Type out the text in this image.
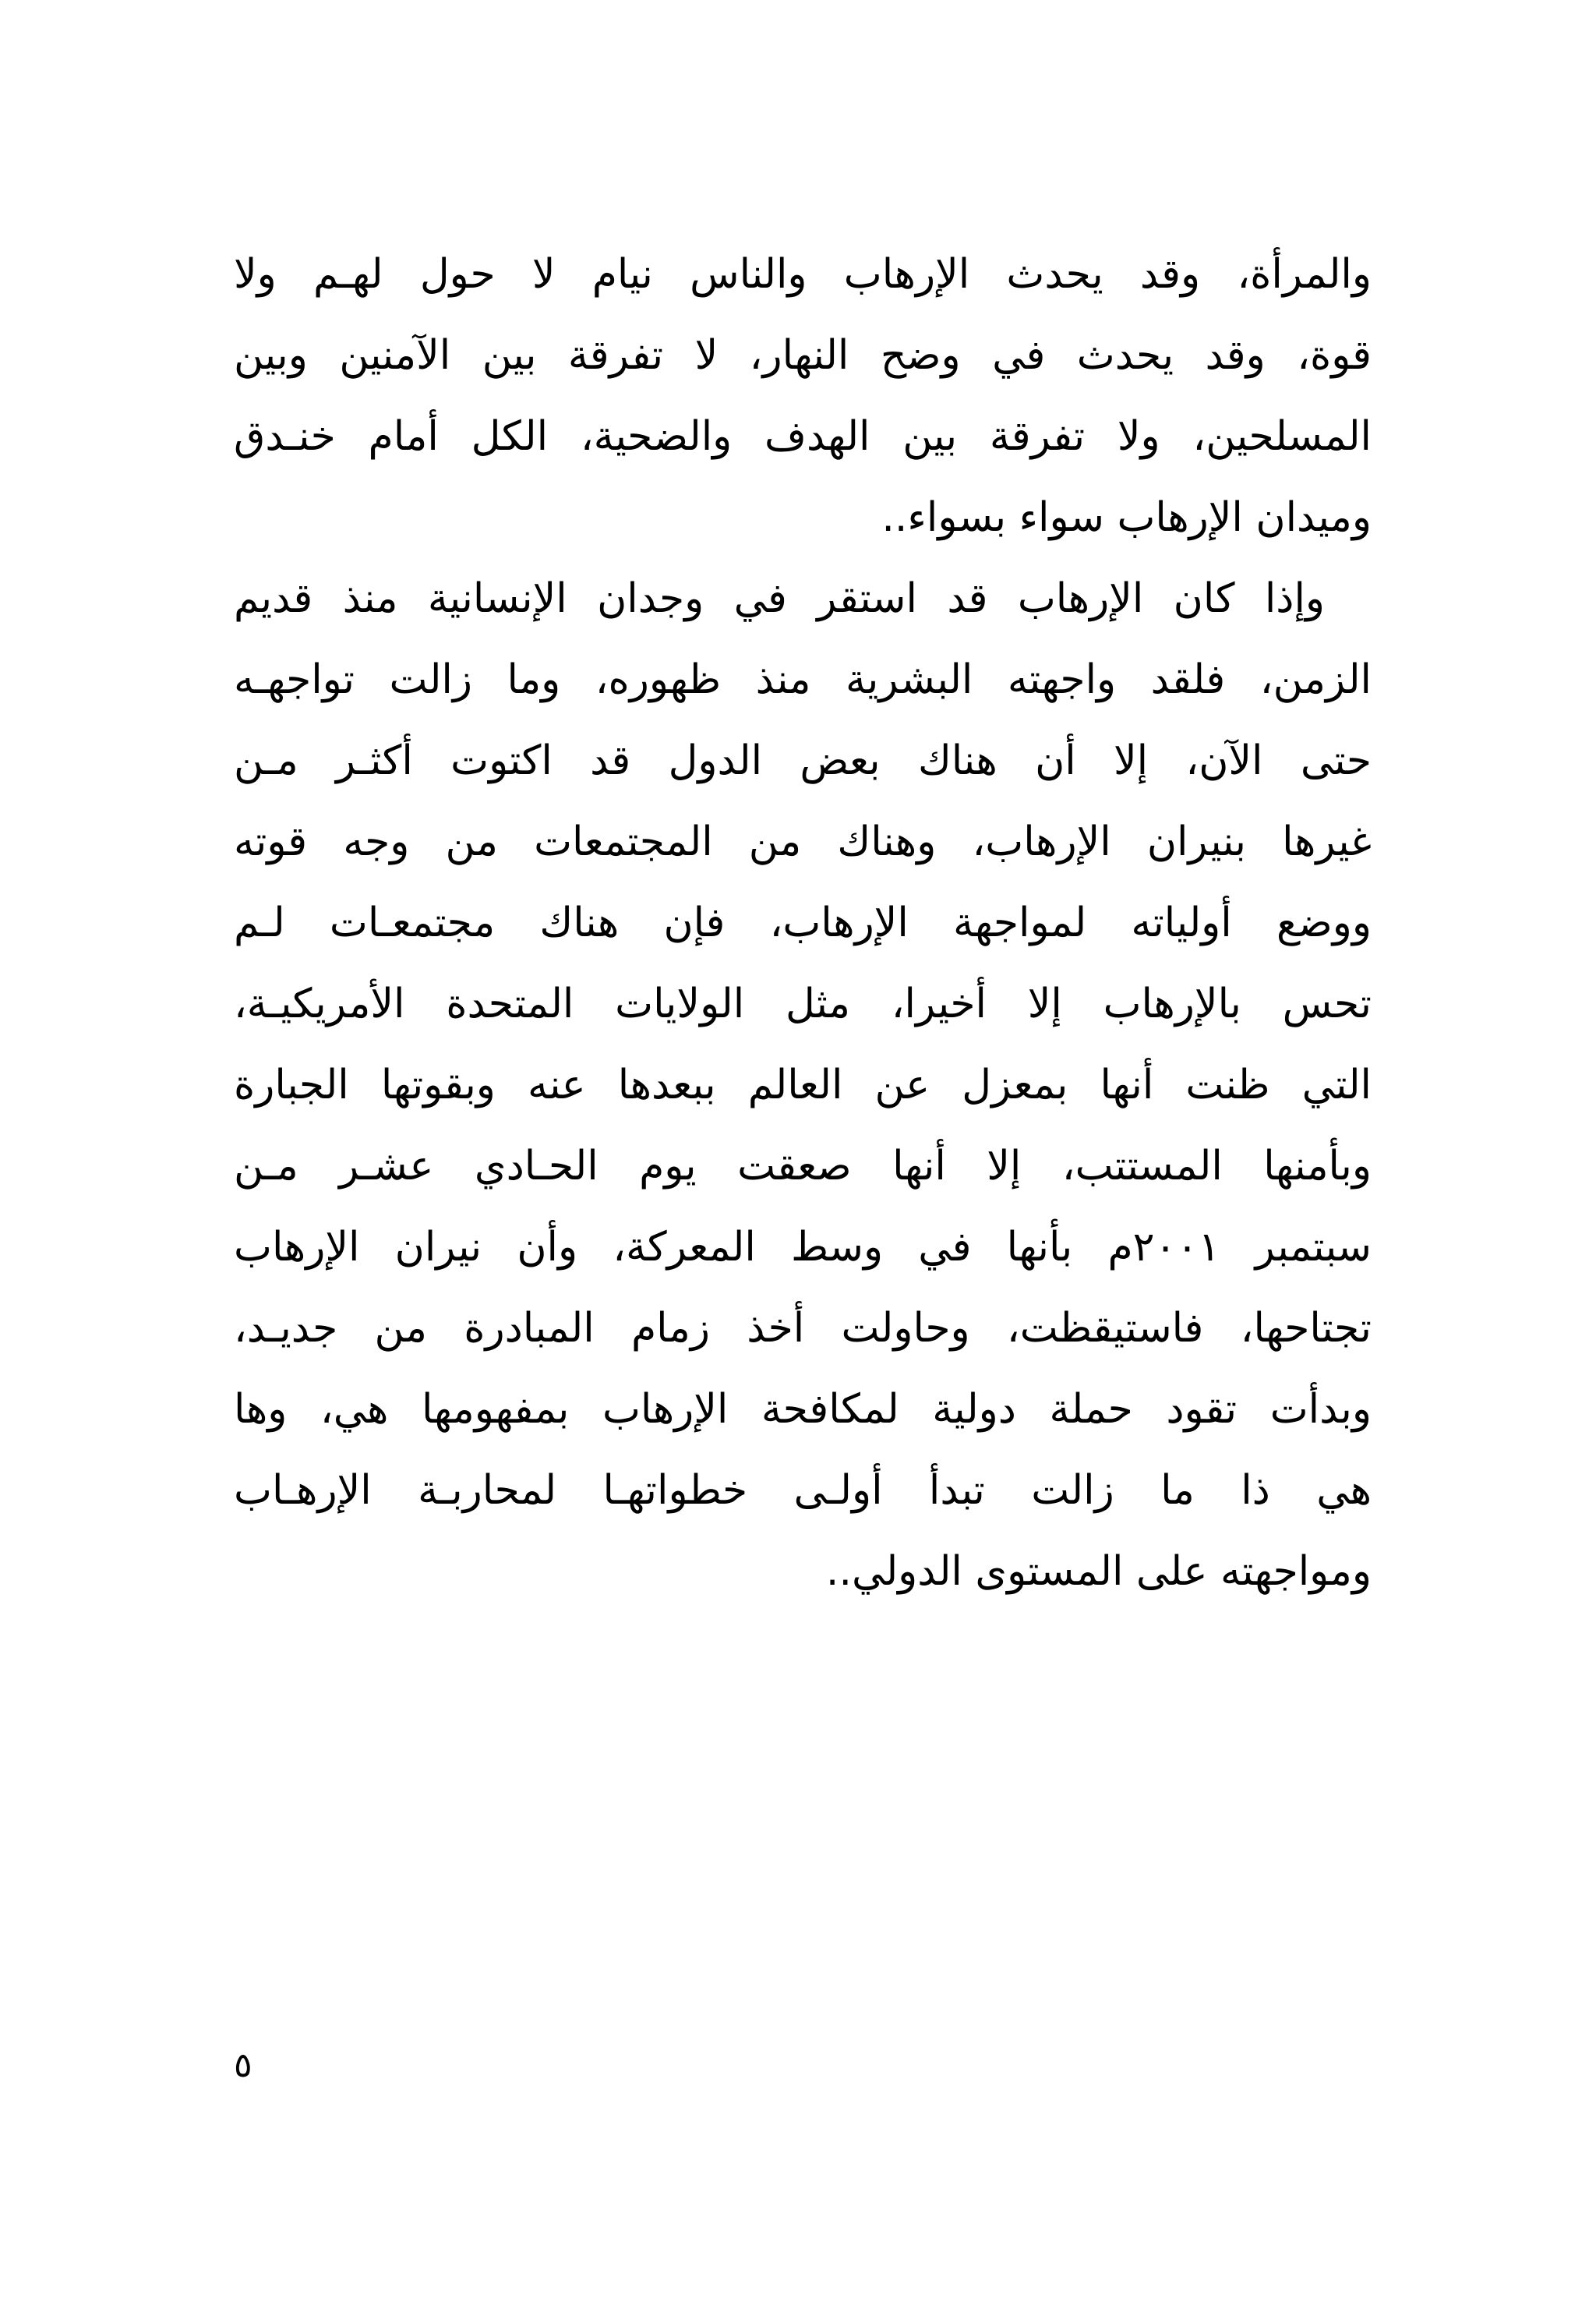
والمرأة، وقد يحدث الإرهاب والناس نيام لا حول لهـم ولا
قوة، وقد يحدث في وضح النهار، لا تفرقة بين الآمنين وبين
المسلحين، ولا تفرقة بين الهدف والضحية، الكل أمام خنـدق
وميدان الإرهاب سواء بسواء..
وإذا كان الإرهاب قد استقر في وجدان الإنسانية منذ قديم
الزمن، فلقد واجهته البشرية منذ ظهوره، وما زالت تواجهـه
حتى الآن، إلا أن هناك بعض الدول قد اكتوت أكثـر مـن
غيرها بنيران الإرهاب، وهناك من المجتمعات من وجه قوته
ووضع أولياته لمواجهة الإرهاب، فإن هناك مجتمعـات لـم
تحس بالإرهاب إلا أخيرا، مثل الولايات المتحدة الأمريكيـة،
التي ظنت أنها بمعزل عن العالم ببعدها عنه وبقوتها الجبارة
وبأمنها المستتب، إلا أنها صعقت يوم الحـادي عشـر مـن
سبتمبر ٢٠٠١م بأنها في وسط المعركة، وأن نيران الإرهاب
تجتاحها، فاستيقظت، وحاولت أخذ زمام المبادرة من جديـد،
وبدأت تقود حملة دولية لمكافحة الإرهاب بمفهومها هي، وها
هي ذا ما زالت تبدأ أولـى خطواتهـا لمحاربـة الإرهـاب
ومواجهته على المستوى الدولي..
٥
